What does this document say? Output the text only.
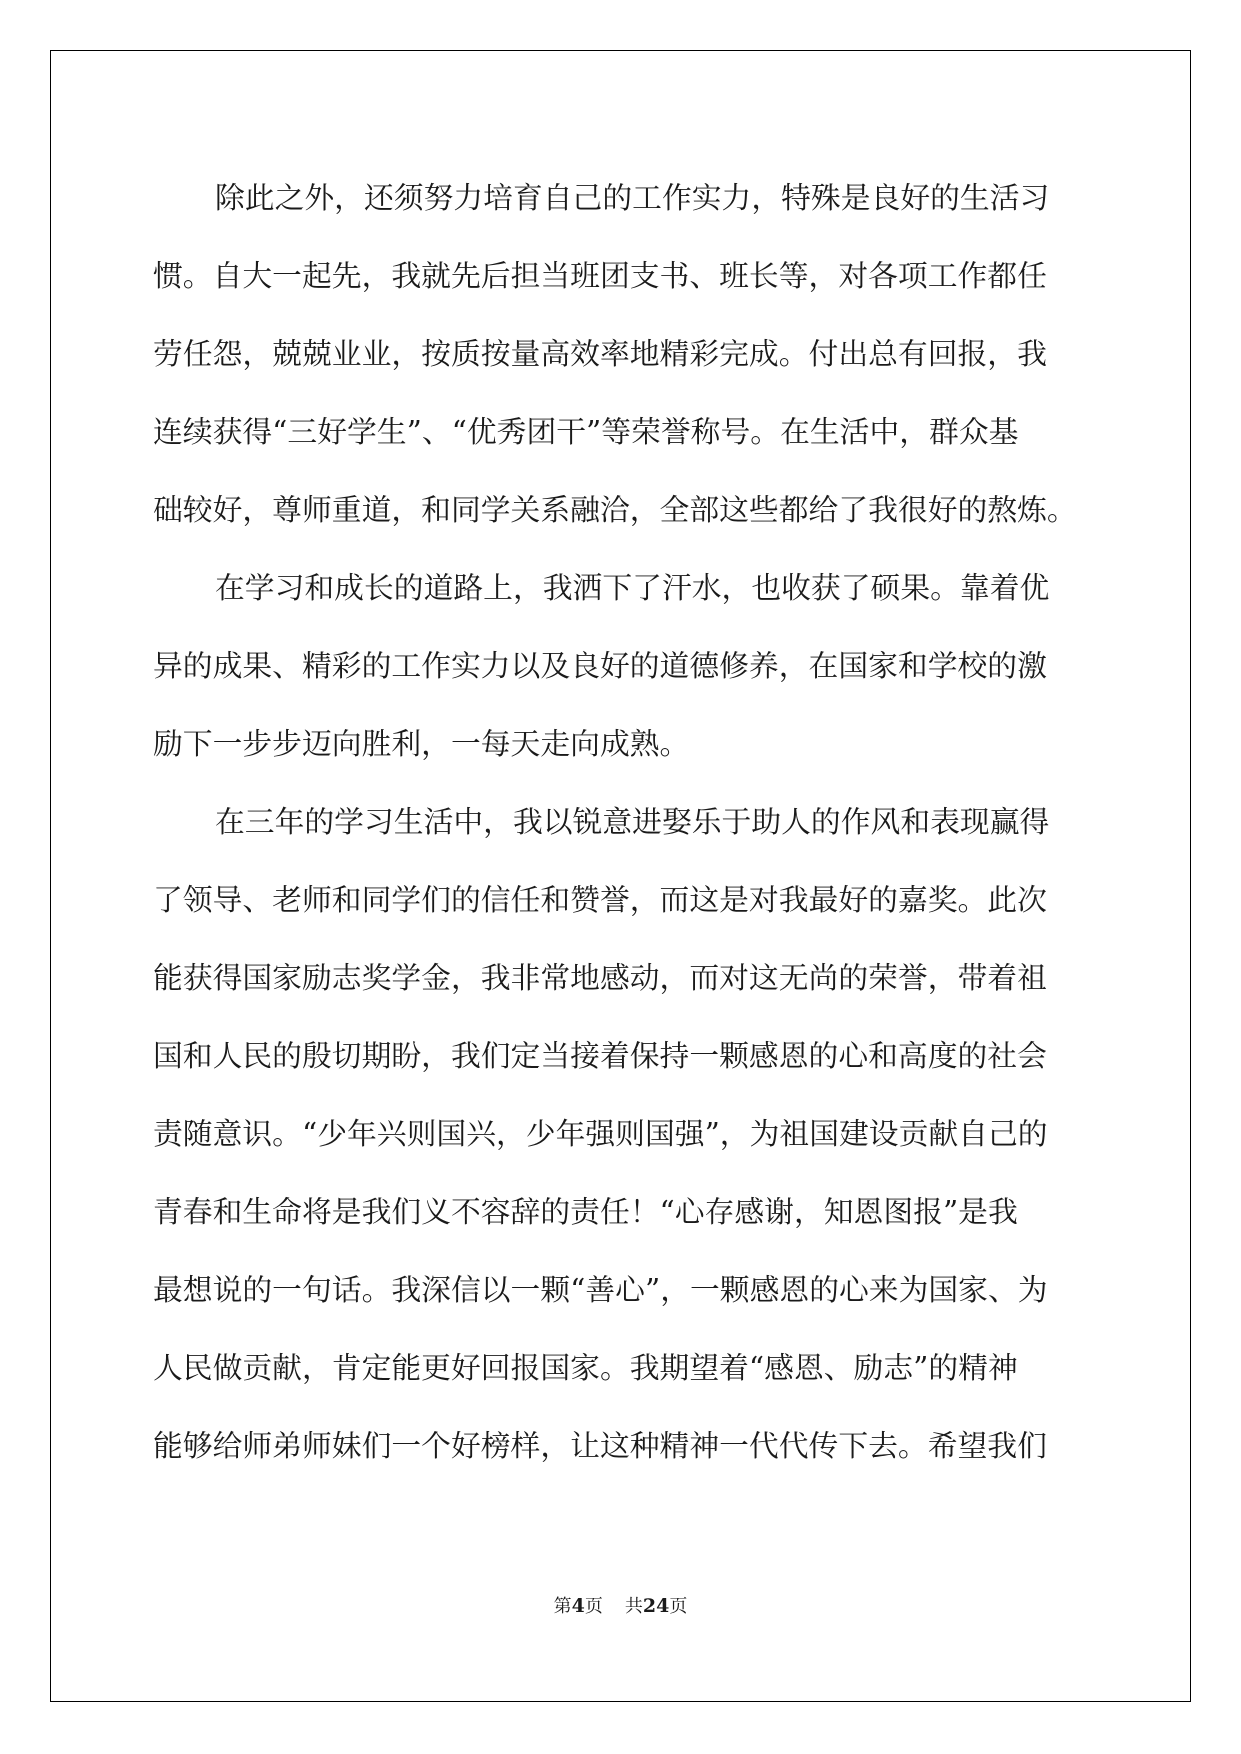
除此之外，还须努力培育自己的工作实力，特殊是良好的生活习
惯。自大一起先，我就先后担当班团支书、班长等，对各项工作都任
劳任怨，兢兢业业，按质按量高效率地精彩完成。付出总有回报，我
连续获得“三好学生”、“优秀团干”等荣誉称号。在生活中，群众基
础较好，尊师重道，和同学关系融洽，全部这些都给了我很好的熬炼。
在学习和成长的道路上，我洒下了汗水，也收获了硕果。靠着优
异的成果、精彩的工作实力以及良好的道德修养，在国家和学校的激
励下一步步迈向胜利，一每天走向成熟。
在三年的学习生活中，我以锐意进娶乐于助人的作风和表现赢得
了领导、老师和同学们的信任和赞誉，而这是对我最好的嘉奖。此次
能获得国家励志奖学金，我非常地感动，而对这无尚的荣誉，带着祖
国和人民的殷切期盼，我们定当接着保持一颗感恩的心和高度的社会
责随意识。“少年兴则国兴，少年强则国强”，为祖国建设贡献自己的
青春和生命将是我们义不容辞的责任！“心存感谢，知恩图报”是我
最想说的一句话。我深信以一颗“善心”，一颗感恩的心来为国家、为
人民做贡献，肯定能更好回报国家。我期望着“感恩、励志”的精神
能够给师弟师妹们一个好榜样，让这种精神一代代传下去。希望我们
第4页 共24页
